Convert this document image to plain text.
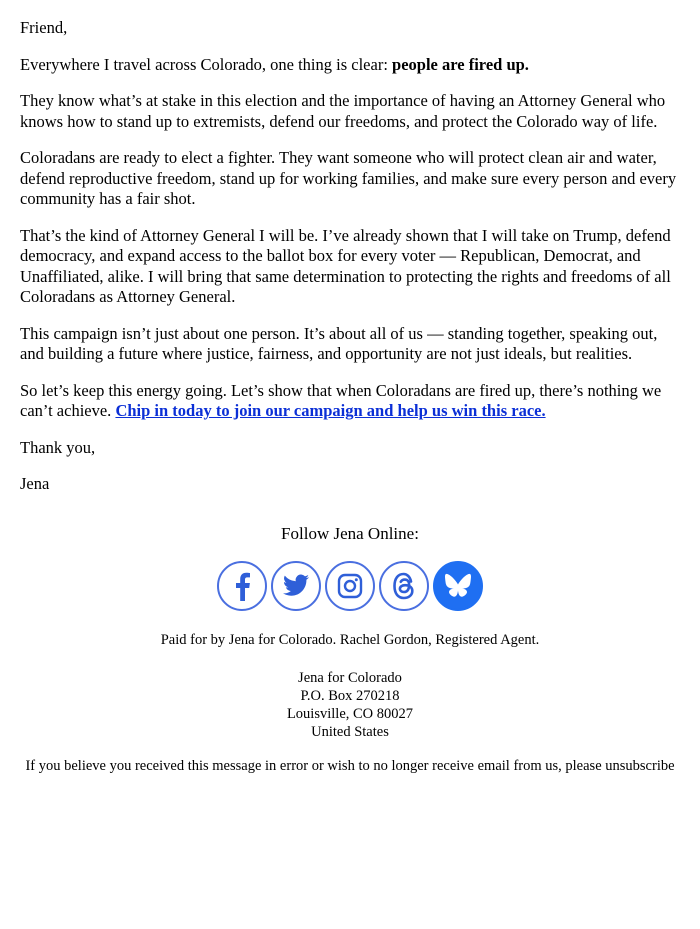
Friend,

Everywhere I travel across Colorado, one thing is clear: people are fired up.

They know what’s at stake in this election and the importance of having an Attorney General who knows how to stand up to extremists, defend our freedoms, and protect the Colorado way of life.

Coloradans are ready to elect a fighter. They want someone who will protect clean air and water, defend reproductive freedom, stand up for working families, and make sure every person and every community has a fair shot.

That’s the kind of Attorney General I will be. I’ve already shown that I will take on Trump, defend democracy, and expand access to the ballot box for every voter — Republican, Democrat, and Unaffiliated, alike. I will bring that same determination to protecting the rights and freedoms of all Coloradans as Attorney General.

This campaign isn’t just about one person. It’s about all of us — standing together, speaking out, and building a future where justice, fairness, and opportunity are not just ideals, but realities.

So let’s keep this energy going. Let’s show that when Coloradans are fired up, there’s nothing we can’t achieve. Chip in today to join our campaign and help us win this race.

Thank you,

Jena

Follow Jena Online:
Paid for by Jena for Colorado. Rachel Gordon, Registered Agent.
Jena for Colorado
P.O. Box 270218
Louisville, CO 80027
United States
If you believe you received this message in error or wish to no longer receive email from us, please unsubscribe
